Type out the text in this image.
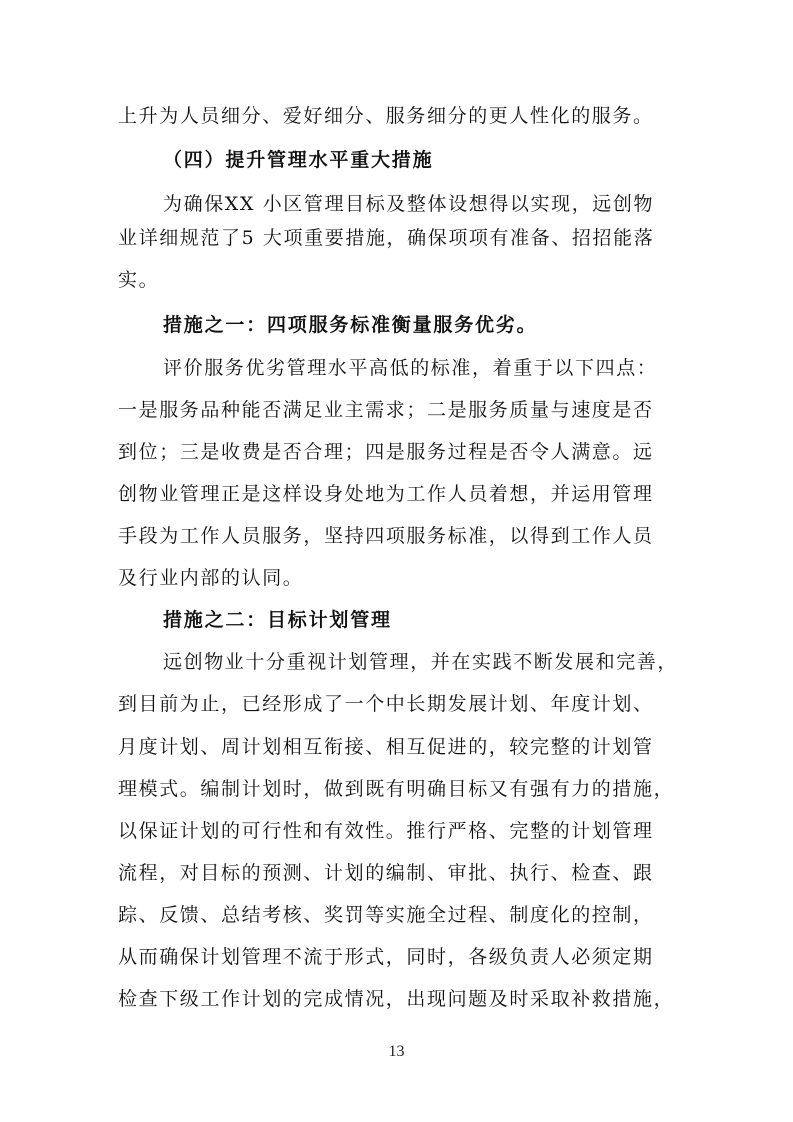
上升为人员细分、爱好细分、服务细分的更人性化的服务。
（四）提升管理水平重大措施
为确保XX 小区管理目标及整体设想得以实现，远创物
业详细规范了5 大项重要措施，确保项项有准备、招招能落
实。
措施之一：四项服务标准衡量服务优劣。
评价服务优劣管理水平高低的标准，着重于以下四点：
一是服务品种能否满足业主需求；二是服务质量与速度是否
到位；三是收费是否合理；四是服务过程是否令人满意。远
创物业管理正是这样设身处地为工作人员着想，并运用管理
手段为工作人员服务，坚持四项服务标准，以得到工作人员
及行业内部的认同。
措施之二：目标计划管理
远创物业十分重视计划管理，并在实践不断发展和完善，
到目前为止，已经形成了一个中长期发展计划、年度计划、
月度计划、周计划相互衔接、相互促进的，较完整的计划管
理模式。编制计划时，做到既有明确目标又有强有力的措施，
以保证计划的可行性和有效性。推行严格、完整的计划管理
流程，对目标的预测、计划的编制、审批、执行、检查、跟
踪、反馈、总结考核、奖罚等实施全过程、制度化的控制，
从而确保计划管理不流于形式，同时，各级负责人必须定期
检查下级工作计划的完成情况，出现问题及时采取补救措施，
13
